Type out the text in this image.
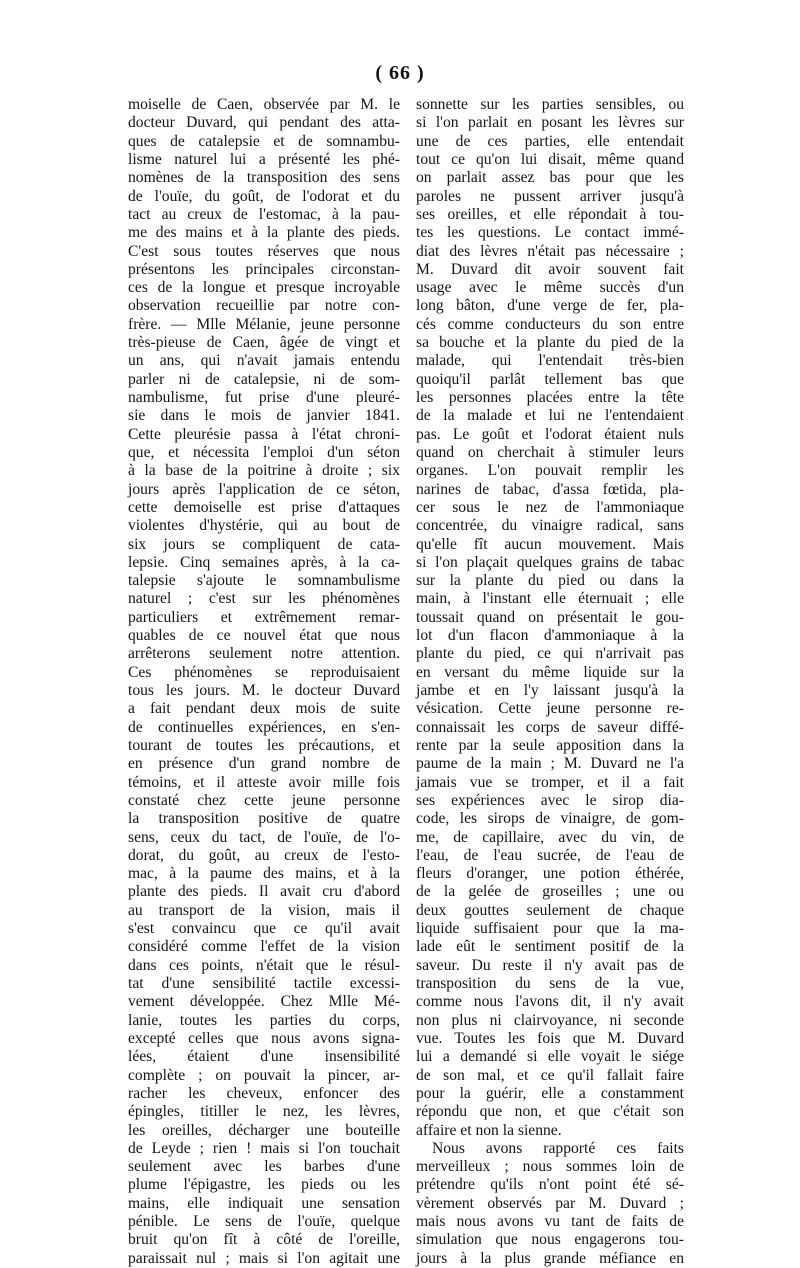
( 66 )
moiselle de Caen, observée par M. le
docteur Duvard, qui pendant des atta-
ques de catalepsie et de somnambu-
lisme naturel lui a présenté les phé-
nomènes de la transposition des sens
de l'ouïe, du goût, de l'odorat et du
tact au creux de l'estomac, à la pau-
me des mains et à la plante des pieds.
C'est sous toutes réserves que nous
présentons les principales circonstan-
ces de la longue et presque incroyable
observation recueillie par notre con-
frère. — Mlle Mélanie, jeune personne
très-pieuse de Caen, âgée de vingt et
un ans, qui n'avait jamais entendu
parler ni de catalepsie, ni de som-
nambulisme, fut prise d'une pleuré-
sie dans le mois de janvier 1841.
Cette pleurésie passa à l'état chroni-
que, et nécessita l'emploi d'un séton
à la base de la poitrine à droite ; six
jours après l'application de ce séton,
cette demoiselle est prise d'attaques
violentes d'hystérie, qui au bout de
six jours se compliquent de cata-
lepsie. Cinq semaines après, à la ca-
talepsie s'ajoute le somnambulisme
naturel ; c'est sur les phénomènes
particuliers et extrêmement remar-
quables de ce nouvel état que nous
arrêterons seulement notre attention.
Ces phénomènes se reproduisaient
tous les jours. M. le docteur Duvard
a fait pendant deux mois de suite
de continuelles expériences, en s'en-
tourant de toutes les précautions, et
en présence d'un grand nombre de
témoins, et il atteste avoir mille fois
constaté chez cette jeune personne
la transposition positive de quatre
sens, ceux du tact, de l'ouïe, de l'o-
dorat, du goût, au creux de l'esto-
mac, à la paume des mains, et à la
plante des pieds. Il avait cru d'abord
au transport de la vision, mais il
s'est convaincu que ce qu'il avait
considéré comme l'effet de la vision
dans ces points, n'était que le résul-
tat d'une sensibilité tactile excessi-
vement développée. Chez Mlle Mé-
lanie, toutes les parties du corps,
excepté celles que nous avons signa-
lées, étaient d'une insensibilité
complète ; on pouvait la pincer, ar-
racher les cheveux, enfoncer des
épingles, titiller le nez, les lèvres,
les oreilles, décharger une bouteille
de Leyde ; rien ! mais si l'on touchait
seulement avec les barbes d'une
plume l'épigastre, les pieds ou les
mains, elle indiquait une sensation
pénible. Le sens de l'ouïe, quelque
bruit qu'on fît à côté de l'oreille,
paraissait nul ; mais si l'on agitait une
sonnette sur les parties sensibles, ou
si l'on parlait en posant les lèvres sur
une de ces parties, elle entendait
tout ce qu'on lui disait, même quand
on parlait assez bas pour que les
paroles ne pussent arriver jusqu'à
ses oreilles, et elle répondait à tou-
tes les questions. Le contact immé-
diat des lèvres n'était pas nécessaire ;
M. Duvard dit avoir souvent fait
usage avec le même succès d'un
long bâton, d'une verge de fer, pla-
cés comme conducteurs du son entre
sa bouche et la plante du pied de la
malade, qui l'entendait très-bien
quoiqu'il parlât tellement bas que
les personnes placées entre la tête
de la malade et lui ne l'entendaient
pas. Le goût et l'odorat étaient nuls
quand on cherchait à stimuler leurs
organes. L'on pouvait remplir les
narines de tabac, d'assa fœtida, pla-
cer sous le nez de l'ammoniaque
concentrée, du vinaigre radical, sans
qu'elle fît aucun mouvement. Mais
si l'on plaçait quelques grains de tabac
sur la plante du pied ou dans la
main, à l'instant elle éternuait ; elle
toussait quand on présentait le gou-
lot d'un flacon d'ammoniaque à la
plante du pied, ce qui n'arrivait pas
en versant du même liquide sur la
jambe et en l'y laissant jusqu'à la
vésication. Cette jeune personne re-
connaissait les corps de saveur diffé-
rente par la seule apposition dans la
paume de la main ; M. Duvard ne l'a
jamais vue se tromper, et il a fait
ses expériences avec le sirop dia-
code, les sirops de vinaigre, de gom-
me, de capillaire, avec du vin, de
l'eau, de l'eau sucrée, de l'eau de
fleurs d'oranger, une potion éthérée,
de la gelée de groseilles ; une ou
deux gouttes seulement de chaque
liquide suffisaient pour que la ma-
lade eût le sentiment positif de la
saveur. Du reste il n'y avait pas de
transposition du sens de la vue,
comme nous l'avons dit, il n'y avait
non plus ni clairvoyance, ni seconde
vue. Toutes les fois que M. Duvard
lui a demandé si elle voyait le siége
de son mal, et ce qu'il fallait faire
pour la guérir, elle a constamment
répondu que non, et que c'était son
affaire et non la sienne.
Nous avons rapporté ces faits
merveilleux ; nous sommes loin de
prétendre qu'ils n'ont point été sé-
vèrement observés par M. Duvard ;
mais nous avons vu tant de faits de
simulation que nous engagerons tou-
jours à la plus grande méfiance en
